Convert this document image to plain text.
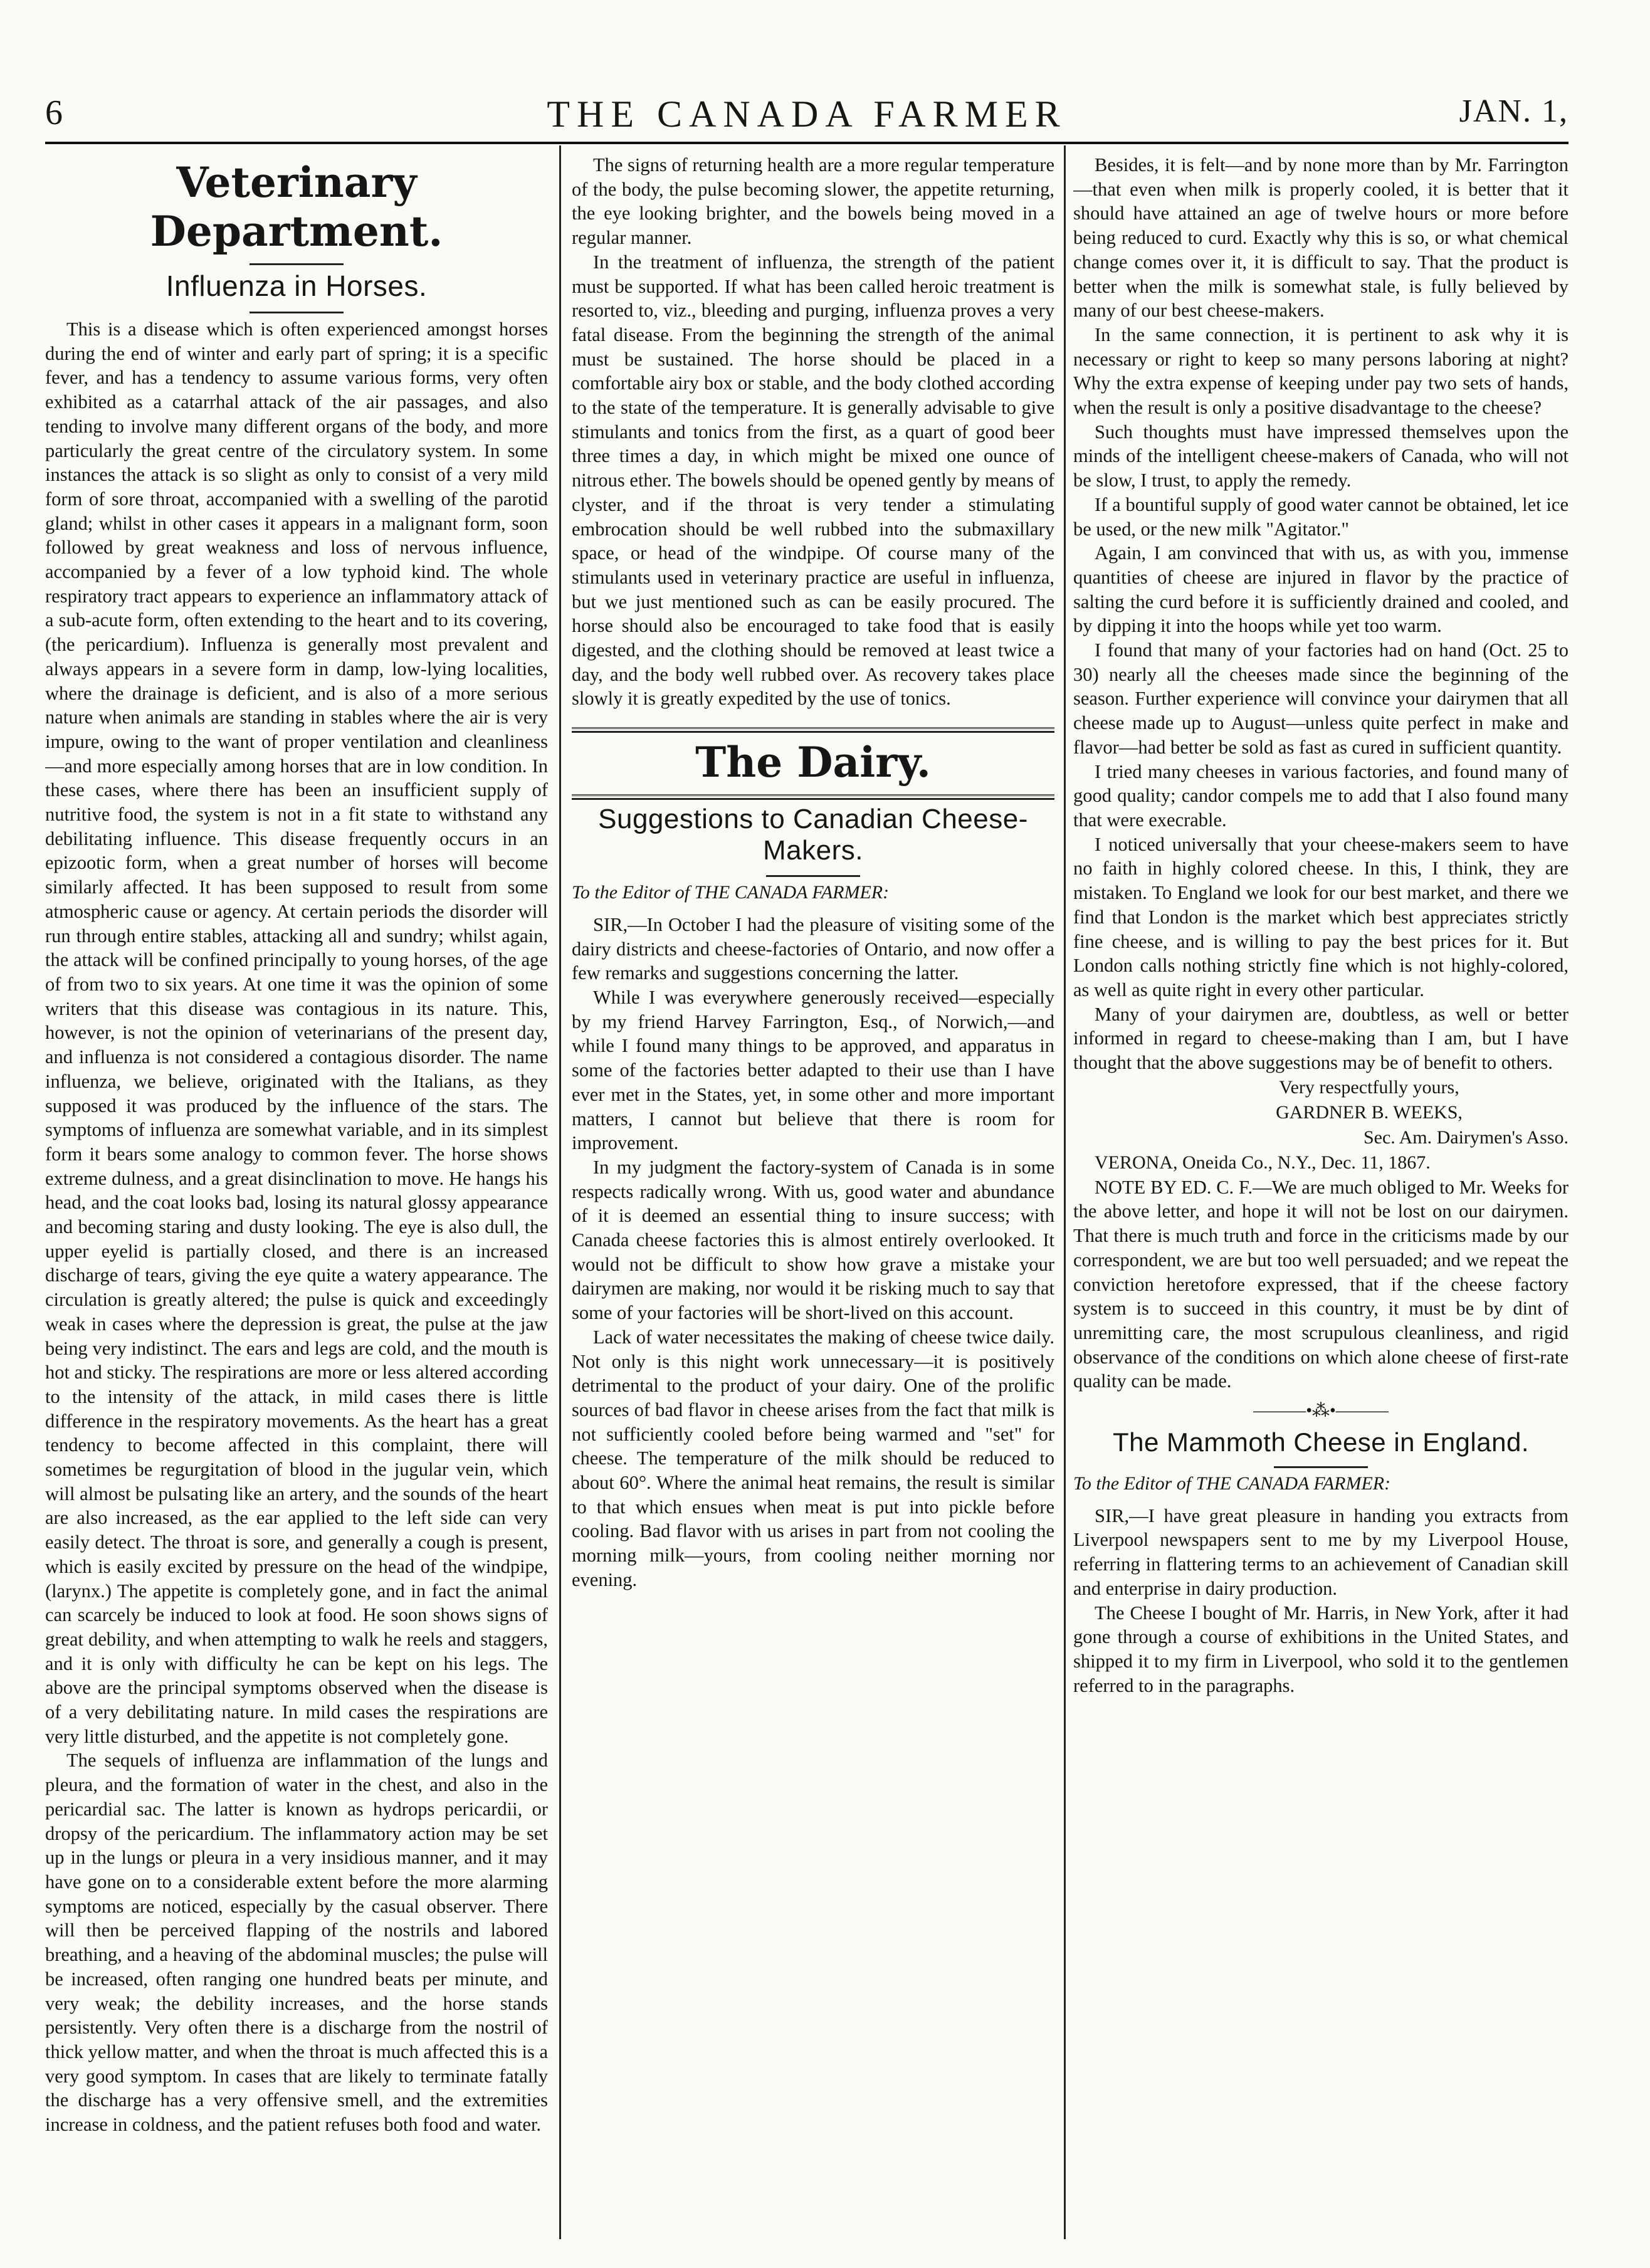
6	THE CANADA FARMER	JAN. 1,
Veterinary Department.
Influenza in Horses.

This is a disease which is often experienced amongst horses during the end of winter and early part of spring; it is a specific fever, and has a tendency to assume various forms, very often exhibited as a catarrhal attack of the air passages, and also tending to involve many different organs of the body, and more particularly the great centre of the circulatory system. In some instances the attack is so slight as only to consist of a very mild form of sore throat, accompanied with a swelling of the parotid gland; whilst in other cases it appears in a malignant form, soon followed by great weakness and loss of nervous influence, accompanied by a fever of a low typhoid kind. The whole respiratory tract appears to experience an inflammatory attack of a sub-acute form, often extending to the heart and to its covering, (the pericardium). Influenza is generally most prevalent and always appears in a severe form in damp, low-lying localities, where the drainage is deficient, and is also of a more serious nature when animals are standing in stables where the air is very impure, owing to the want of proper ventilation and cleanliness—and more especially among horses that are in low condition. In these cases, where there has been an insufficient supply of nutritive food, the system is not in a fit state to withstand any debilitating influence. This disease frequently occurs in an epizootic form, when a great number of horses will become similarly affected. It has been supposed to result from some atmospheric cause or agency. At certain periods the disorder will run through entire stables, attacking all and sundry; whilst again, the attack will be confined principally to young horses, of the age of from two to six years. At one time it was the opinion of some writers that this disease was contagious in its nature. This, however, is not the opinion of veterinarians of the present day, and influenza is not considered a contagious disorder. The name influenza, we believe, originated with the Italians, as they supposed it was produced by the influence of the stars. The symptoms of influenza are somewhat variable, and in its simplest form it bears some analogy to common fever. The horse shows extreme dulness, and a great disinclination to move. He hangs his head, and the coat looks bad, losing its natural glossy appearance and becoming staring and dusty looking. The eye is also dull, the upper eyelid is partially closed, and there is an increased discharge of tears, giving the eye quite a watery appearance. The circulation is greatly altered; the pulse is quick and exceedingly weak in cases where the depression is great, the pulse at the jaw being very indistinct. The ears and legs are cold, and the mouth is hot and sticky. The respirations are more or less altered according to the intensity of the attack, in mild cases there is little difference in the respiratory movements. As the heart has a great tendency to become affected in this complaint, there will sometimes be regurgitation of blood in the jugular vein, which will almost be pulsating like an artery, and the sounds of the heart are also increased, as the ear applied to the left side can very easily detect. The throat is sore, and generally a cough is present, which is easily excited by pressure on the head of the windpipe, (larynx.) The appetite is completely gone, and in fact the animal can scarcely be induced to look at food. He soon shows signs of great debility, and when attempting to walk he reels and staggers, and it is only with difficulty he can be kept on his legs. The above are the principal symptoms observed when the disease is of a very debilitating nature. In mild cases the respirations are very little disturbed, and the appetite is not completely gone.

The sequels of influenza are inflammation of the lungs and pleura, and the formation of water in the chest, and also in the pericardial sac. The latter is known as hydrops pericardii, or dropsy of the pericardium. The inflammatory action may be set up in the lungs or pleura in a very insidious manner, and it may have gone on to a considerable extent before the more alarming symptoms are noticed, especially by the casual observer. There will then be perceived flapping of the nostrils and labored breathing, and a heaving of the abdominal muscles; the pulse will be increased, often ranging one hundred beats per minute, and very weak; the debility increases, and the horse stands persistently. Very often there is a discharge from the nostril of thick yellow matter, and when the throat is much affected this is a very good symptom. In cases that are likely to terminate fatally the discharge has a very offensive smell, and the extremities increase in coldness, and the patient refuses both food and water.

The signs of returning health are a more regular temperature of the body, the pulse becoming slower, the appetite returning, the eye looking brighter, and the bowels being moved in a regular manner.

In the treatment of influenza, the strength of the patient must be supported. If what has been called heroic treatment is resorted to, viz., bleeding and purging, influenza proves a very fatal disease. From the beginning the strength of the animal must be sustained. The horse should be placed in a comfortable airy box or stable, and the body clothed according to the state of the temperature. It is generally advisable to give stimulants and tonics from the first, as a quart of good beer three times a day, in which might be mixed one ounce of nitrous ether. The bowels should be opened gently by means of clyster, and if the throat is very tender a stimulating embrocation should be well rubbed into the submaxillary space, or head of the windpipe. Of course many of the stimulants used in veterinary practice are useful in influenza, but we just mentioned such as can be easily procured. The horse should also be encouraged to take food that is easily digested, and the clothing should be removed at least twice a day, and the body well rubbed over. As recovery takes place slowly it is greatly expedited by the use of tonics.

The Dairy.
Suggestions to Canadian Cheese-Makers.

To the Editor of THE CANADA FARMER:

SIR,—In October I had the pleasure of visiting some of the dairy districts and cheese-factories of Ontario, and now offer a few remarks and suggestions concerning the latter.

While I was everywhere generously received—especially by my friend Harvey Farrington, Esq., of Norwich,—and while I found many things to be approved, and apparatus in some of the factories better adapted to their use than I have ever met in the States, yet, in some other and more important matters, I cannot but believe that there is room for improvement.

In my judgment the factory-system of Canada is in some respects radically wrong. With us, good water and abundance of it is deemed an essential thing to insure success; with Canada cheese factories this is almost entirely overlooked. It would not be difficult to show how grave a mistake your dairymen are making, nor would it be risking much to say that some of your factories will be short-lived on this account.

Lack of water necessitates the making of cheese twice daily. Not only is this night work unnecessary—it is positively detrimental to the product of your dairy. One of the prolific sources of bad flavor in cheese arises from the fact that milk is not sufficiently cooled before being warmed and "set" for cheese. The temperature of the milk should be reduced to about 60°. Where the animal heat remains, the result is similar to that which ensues when meat is put into pickle before cooling. Bad flavor with us arises in part from not cooling the morning milk—yours, from cooling neither morning nor evening.

Besides, it is felt—and by none more than by Mr. Farrington—that even when milk is properly cooled, it is better that it should have attained an age of twelve hours or more before being reduced to curd. Exactly why this is so, or what chemical change comes over it, it is difficult to say. That the product is better when the milk is somewhat stale, is fully believed by many of our best cheese-makers.

In the same connection, it is pertinent to ask why it is necessary or right to keep so many persons laboring at night? Why the extra expense of keeping under pay two sets of hands, when the result is only a positive disadvantage to the cheese?

Such thoughts must have impressed themselves upon the minds of the intelligent cheese-makers of Canada, who will not be slow, I trust, to apply the remedy.

If a bountiful supply of good water cannot be obtained, let ice be used, or the new milk "Agitator."

Again, I am convinced that with us, as with you, immense quantities of cheese are injured in flavor by the practice of salting the curd before it is sufficiently drained and cooled, and by dipping it into the hoops while yet too warm.

I found that many of your factories had on hand (Oct. 25 to 30) nearly all the cheeses made since the beginning of the season. Further experience will convince your dairymen that all cheese made up to August—unless quite perfect in make and flavor—had better be sold as fast as cured in sufficient quantity.

I tried many cheeses in various factories, and found many of good quality; candor compels me to add that I also found many that were execrable.

I noticed universally that your cheese-makers seem to have no faith in highly colored cheese. In this, I think, they are mistaken. To England we look for our best market, and there we find that London is the market which best appreciates strictly fine cheese, and is willing to pay the best prices for it. But London calls nothing strictly fine which is not highly-colored, as well as quite right in every other particular.

Many of your dairymen are, doubtless, as well or better informed in regard to cheese-making than I am, but I have thought that the above suggestions may be of benefit to others.

Very respectfully yours,

GARDNER B. WEEKS,

Sec. Am. Dairymen's Asso.

VERONA, Oneida Co., N.Y., Dec. 11, 1867.

NOTE BY ED. C. F.—We are much obliged to Mr. Weeks for the above letter, and hope it will not be lost on our dairymen. That there is much truth and force in the criticisms made by our correspondent, we are but too well persuaded; and we repeat the conviction heretofore expressed, that if the cheese factory system is to succeed in this country, it must be by dint of unremitting care, the most scrupulous cleanliness, and rigid observance of the conditions on which alone cheese of first-rate quality can be made.

———•⁂•———
The Mammoth Cheese in England.

To the Editor of THE CANADA FARMER:

SIR,—I have great pleasure in handing you extracts from Liverpool newspapers sent to me by my Liverpool House, referring in flattering terms to an achievement of Canadian skill and enterprise in dairy production.

The Cheese I bought of Mr. Harris, in New York, after it had gone through a course of exhibitions in the United States, and shipped it to my firm in Liverpool, who sold it to the gentlemen referred to in the paragraphs.
